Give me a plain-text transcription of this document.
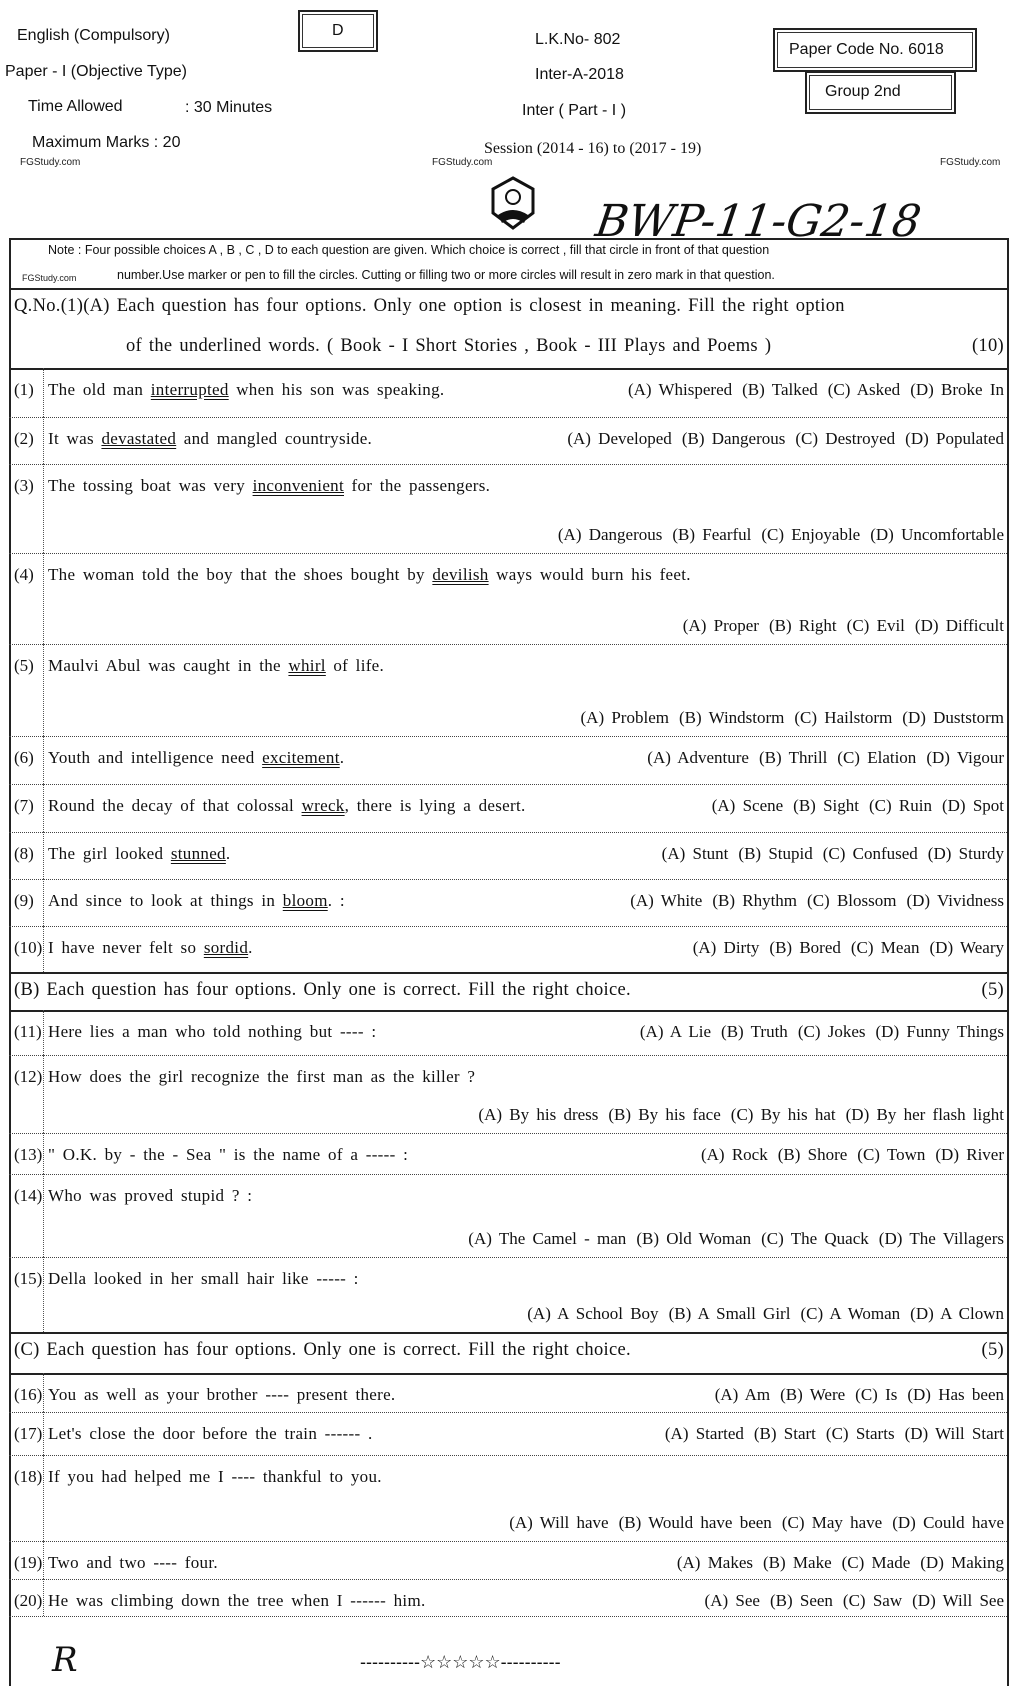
English (Compulsory)	D
Paper - I (Objective Type)
Time Allowed	: 30 Minutes
Maximum Marks : 20
L.K.No- 802
Inter-A-2018
Inter ( Part - I )
Session (2014 - 16) to (2017 - 19)
Paper Code No. 6018
Group 2nd
FGStudy.com	FGStudy.com	FGStudy.com
BWP-11-G2-18
Note : Four possible choices A , B , C , D to each question are given. Which choice is correct , fill that circle in front of that question
number.Use marker or pen to fill the circles. Cutting or filling two or more circles will result in zero mark in that question.
FGStudy.com
Q.No.(1)(A) Each question has four options. Only one option is closest in meaning. Fill the right option
of the underlined words. ( Book - I Short Stories , Book - III Plays and Poems )	(10)
(B) Each question has four options. Only one is correct. Fill the right choice.	(5)
(C) Each question has four options. Only one is correct. Fill the right choice.	(5)
(1) The old man interrupted when his son was speaking.	(A) Whispered (B) Talked (C) Asked (D) Broke In
(2) It was devastated and mangled countryside.	(A) Developed (B) Dangerous (C) Destroyed (D) Populated
(3) The tossing boat was very inconvenient for the passengers.
(A) Dangerous (B) Fearful (C) Enjoyable (D) Uncomfortable
(4) The woman told the boy that the shoes bought by devilish ways would burn his feet.
(A) Proper (B) Right (C) Evil (D) Difficult
(5) Maulvi Abul was caught in the whirl of life.
(A) Problem (B) Windstorm (C) Hailstorm (D) Duststorm
(6) Youth and intelligence need excitement.	(A) Adventure (B) Thrill (C) Elation (D) Vigour
(7) Round the decay of that colossal wreck, there is lying a desert.	(A) Scene (B) Sight (C) Ruin (D) Spot
(8) The girl looked stunned.	(A) Stunt (B) Stupid (C) Confused (D) Sturdy
(9) And since to look at things in bloom. :	(A) White (B) Rhythm (C) Blossom (D) Vividness
(10) I have never felt so sordid.	(A) Dirty (B) Bored (C) Mean (D) Weary
(11) Here lies a man who told nothing but ---- :	(A) A Lie (B) Truth (C) Jokes (D) Funny Things
(12) How does the girl recognize the first man as the killer ?
(A) By his dress (B) By his face (C) By his hat (D) By her flash light
(13) " O.K. by - the - Sea " is the name of a ----- :	(A) Rock (B) Shore (C) Town (D) River
(14) Who was proved stupid ? :
(A) The Camel - man (B) Old Woman (C) The Quack (D) The Villagers
(15) Della looked in her small hair like ----- :
(A) A School Boy (B) A Small Girl (C) A Woman (D) A Clown
(16) You as well as your brother ---- present there.	(A) Am (B) Were (C) Is (D) Has been
(17) Let's close the door before the train ------ .	(A) Started (B) Start (C) Starts (D) Will Start
(18) If you had helped me I ---- thankful to you.
(A) Will have (B) Would have been (C) May have (D) Could have
(19) Two and two ---- four.	(A) Makes (B) Make (C) Made (D) Making
(20) He was climbing down the tree when I ------ him.	(A) See (B) Seen (C) Saw (D) Will See
----------☆☆☆☆☆----------
R
